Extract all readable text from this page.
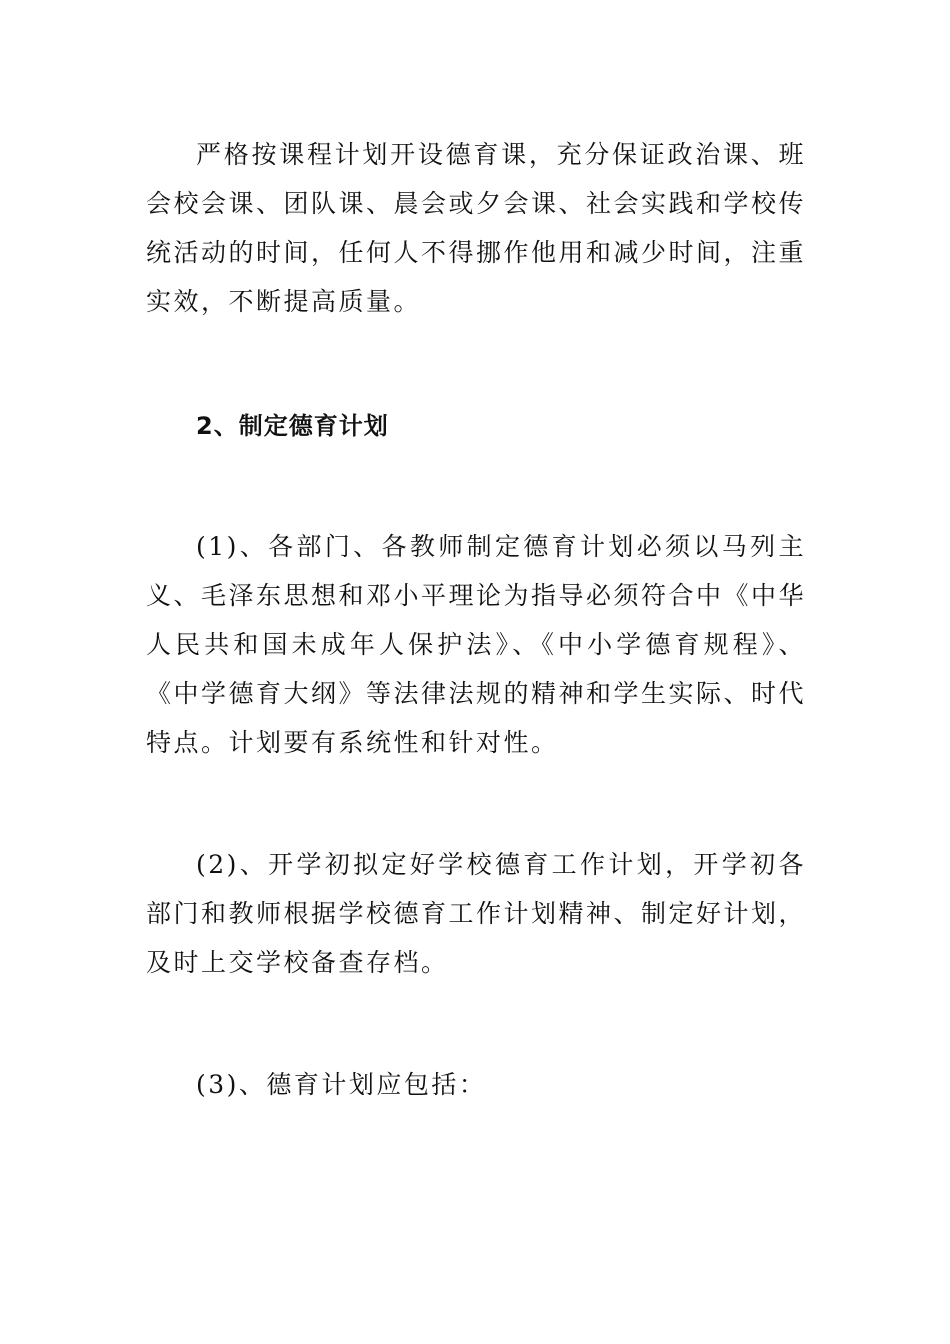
严格按课程计划开设德育课，充分保证政治课、班会校会课、团队课、晨会或夕会课、社会实践和学校传统活动的时间，任何人不得挪作他用和减少时间，注重实效，不断提高质量。

2、制定德育计划

(1)、各部门、各教师制定德育计划必须以马列主义、毛泽东思想和邓小平理论为指导必须符合中《中华人民共和国未成年人保护法》、《中小学德育规程》、《中学德育大纲》等法律法规的精神和学生实际、时代特点。计划要有系统性和针对性。

(2)、开学初拟定好学校德育工作计划，开学初各部门和教师根据学校德育工作计划精神、制定好计划，及时上交学校备查存档。

(3)、德育计划应包括：
